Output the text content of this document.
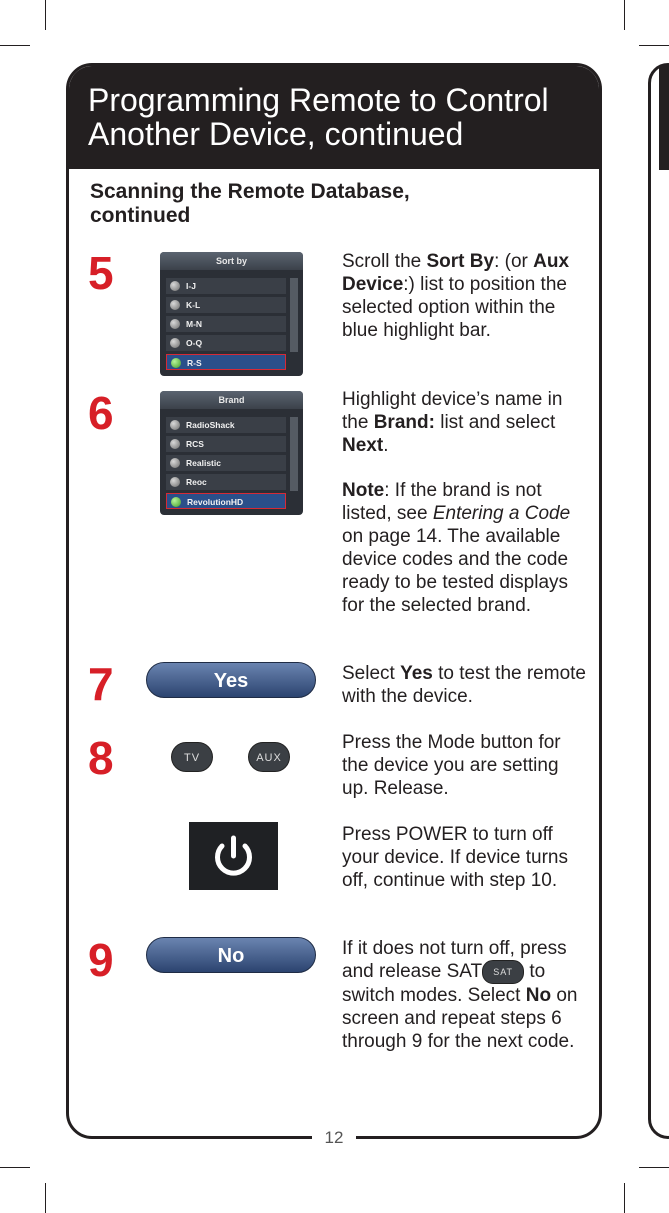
Programming Remote to Control
Another Device, continued
Scanning the Remote Database,
continued
5	Sort by
I-J
K-L
M-N
O-Q
R-S
Scroll the Sort By: (or Aux Device:) list to position the selected option within the blue highlight bar.
6	Brand
RadioShack
RCS
Realistic
Reoc
RevolutionHD
Highlight device’s name in the Brand: list and select Next.
Note: If the brand is not listed, see Entering a Code on page 14. The available device codes and the code ready to be tested displays for the selected brand.
7	Yes	Select Yes to test the remote with the device.
8	TV	AUX
Press the Mode button for the device you are setting up. Release.
Press POWER to turn off your device. If device turns off, continue with step 10.
9	No	If it does not turn off, press and release SAT SAT to switch modes. Select No on screen and repeat steps 6 through 9 for the next code.
12
